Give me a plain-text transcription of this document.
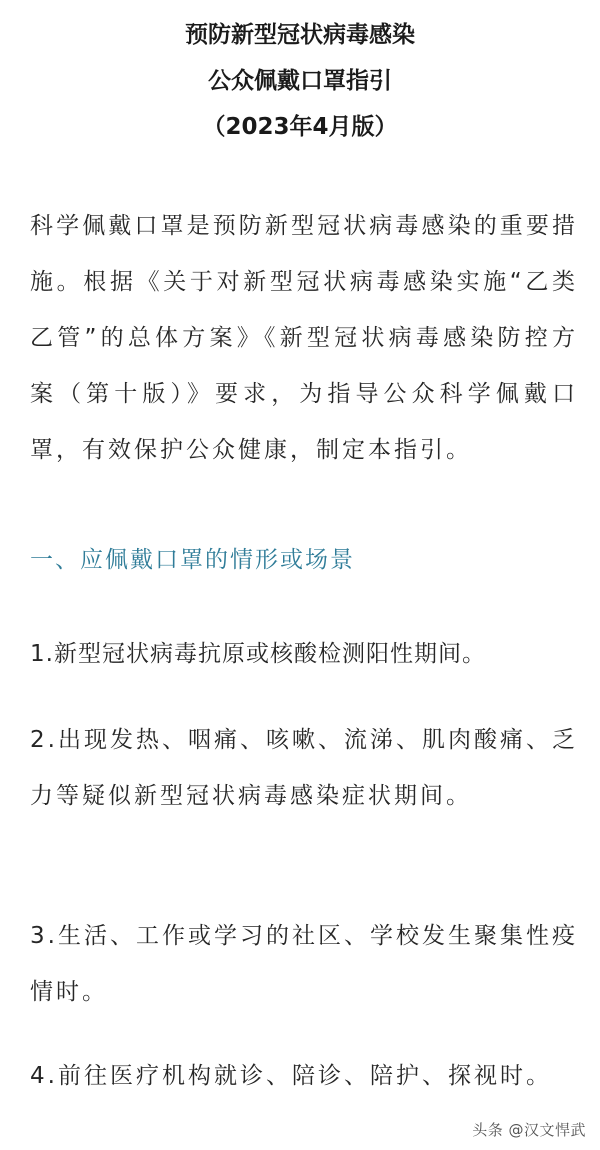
预防新型冠状病毒感染
公众佩戴口罩指引
（2023年4月版）

科学佩戴口罩是预防新型冠状病毒感染的重要措施。根据《关于对新型冠状病毒感染实施“乙类乙管”的总体方案》《新型冠状病毒感染防控方案（第十版）》要求，为指导公众科学佩戴口罩，有效保护公众健康，制定本指引。

一、应佩戴口罩的情形或场景

1.新型冠状病毒抗原或核酸检测阳性期间。

2.出现发热、咽痛、咳嗽、流涕、肌肉酸痛、乏力等疑似新型冠状病毒感染症状期间。

3.生活、工作或学习的社区、学校发生聚集性疫情时。

4.前往医疗机构就诊、陪诊、陪护、探视时。

头条 @汉文悍武
